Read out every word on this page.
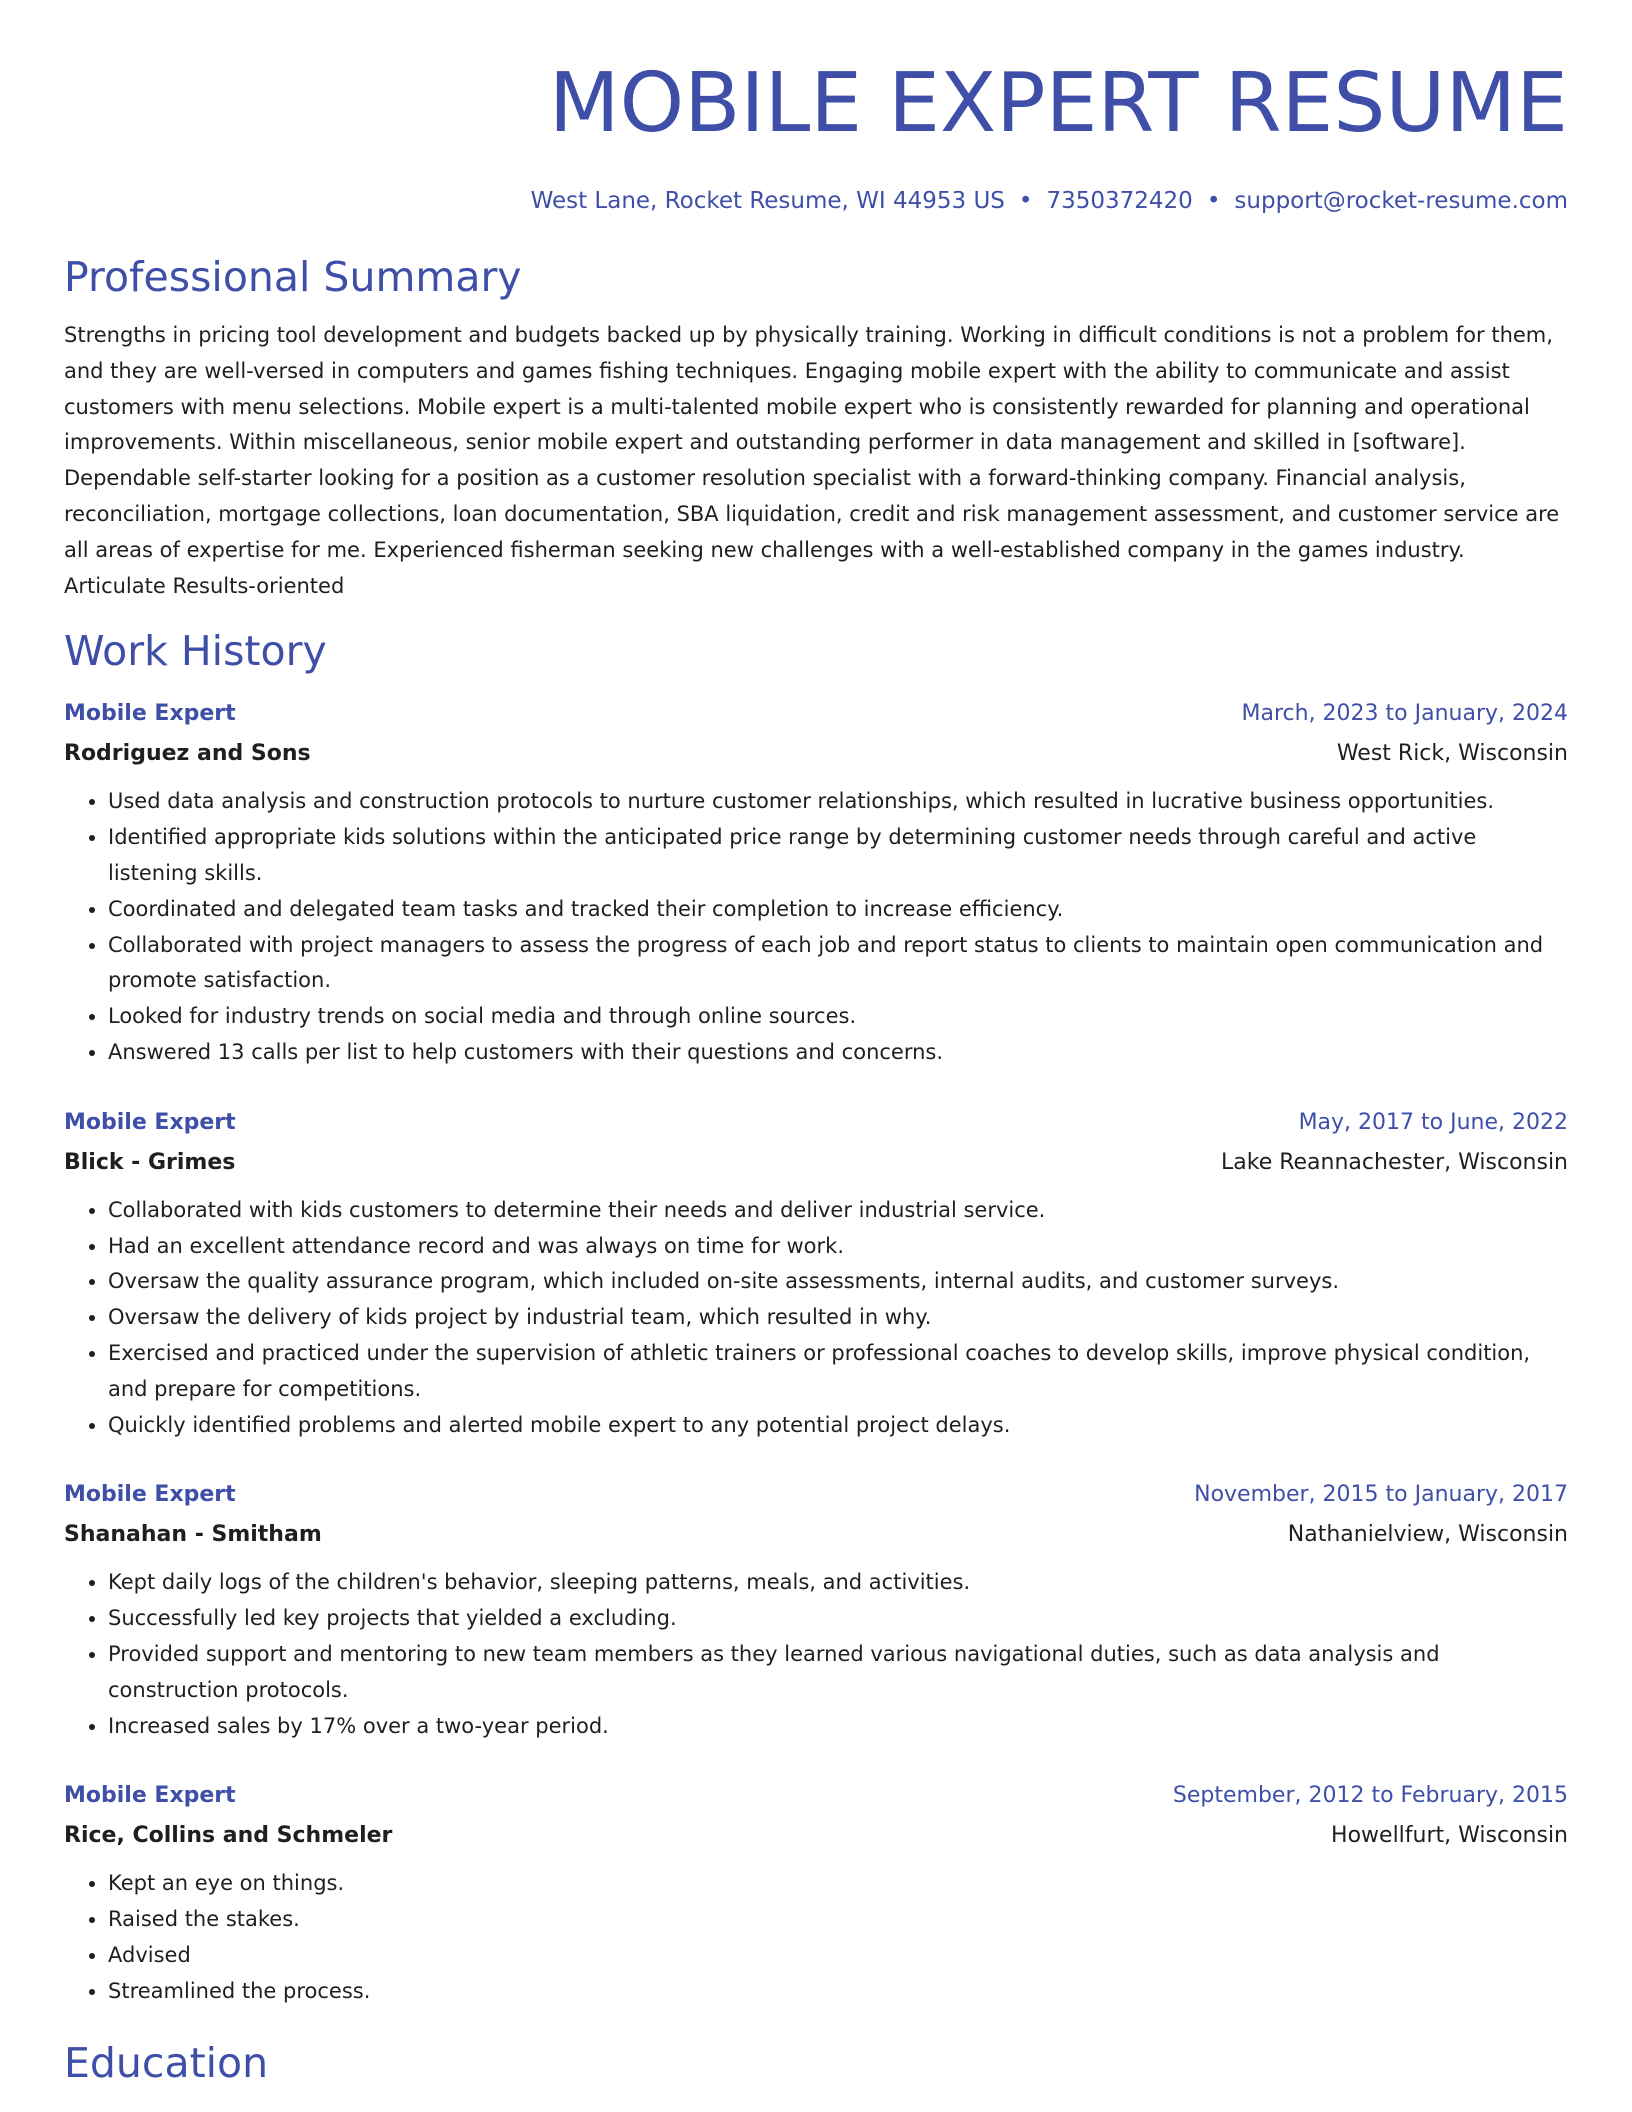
MOBILE EXPERT RESUME
West Lane, Rocket Resume, WI 44953 US • 7350372420 • support@rocket-resume.com
Professional Summary

Strengths in pricing tool development and budgets backed up by physically training. Working in difficult conditions is not a problem for them, and they are well-versed in computers and games fishing techniques. Engaging mobile expert with the ability to communicate and assist customers with menu selections. Mobile expert is a multi-talented mobile expert who is consistently rewarded for planning and operational improvements. Within miscellaneous, senior mobile expert and outstanding performer in data management and skilled in [software]. Dependable self-starter looking for a position as a customer resolution specialist with a forward-thinking company. Financial analysis, reconciliation, mortgage collections, loan documentation, SBA liquidation, credit and risk management assessment, and customer service are all areas of expertise for me. Experienced fisherman seeking new challenges with a well-established company in the games industry. Articulate Results-oriented

Work History
Mobile Expert	March, 2023 to January, 2024
Rodriguez and Sons	West Rick, Wisconsin
• Used data analysis and construction protocols to nurture customer relationships, which resulted in lucrative business opportunities.
• Identified appropriate kids solutions within the anticipated price range by determining customer needs through careful and active listening skills.
• Coordinated and delegated team tasks and tracked their completion to increase efficiency.
• Collaborated with project managers to assess the progress of each job and report status to clients to maintain open communication and promote satisfaction.
• Looked for industry trends on social media and through online sources.
• Answered 13 calls per list to help customers with their questions and concerns.
Mobile Expert	May, 2017 to June, 2022
Blick - Grimes	Lake Reannachester, Wisconsin
• Collaborated with kids customers to determine their needs and deliver industrial service.
• Had an excellent attendance record and was always on time for work.
• Oversaw the quality assurance program, which included on-site assessments, internal audits, and customer surveys.
• Oversaw the delivery of kids project by industrial team, which resulted in why.
• Exercised and practiced under the supervision of athletic trainers or professional coaches to develop skills, improve physical condition, and prepare for competitions.
• Quickly identified problems and alerted mobile expert to any potential project delays.
Mobile Expert	November, 2015 to January, 2017
Shanahan - Smitham	Nathanielview, Wisconsin
• Kept daily logs of the children's behavior, sleeping patterns, meals, and activities.
• Successfully led key projects that yielded a excluding.
• Provided support and mentoring to new team members as they learned various navigational duties, such as data analysis and construction protocols.
• Increased sales by 17% over a two-year period.
Mobile Expert	September, 2012 to February, 2015
Rice, Collins and Schmeler	Howellfurt, Wisconsin
• Kept an eye on things.
• Raised the stakes.
• Advised
• Streamlined the process.
Education
